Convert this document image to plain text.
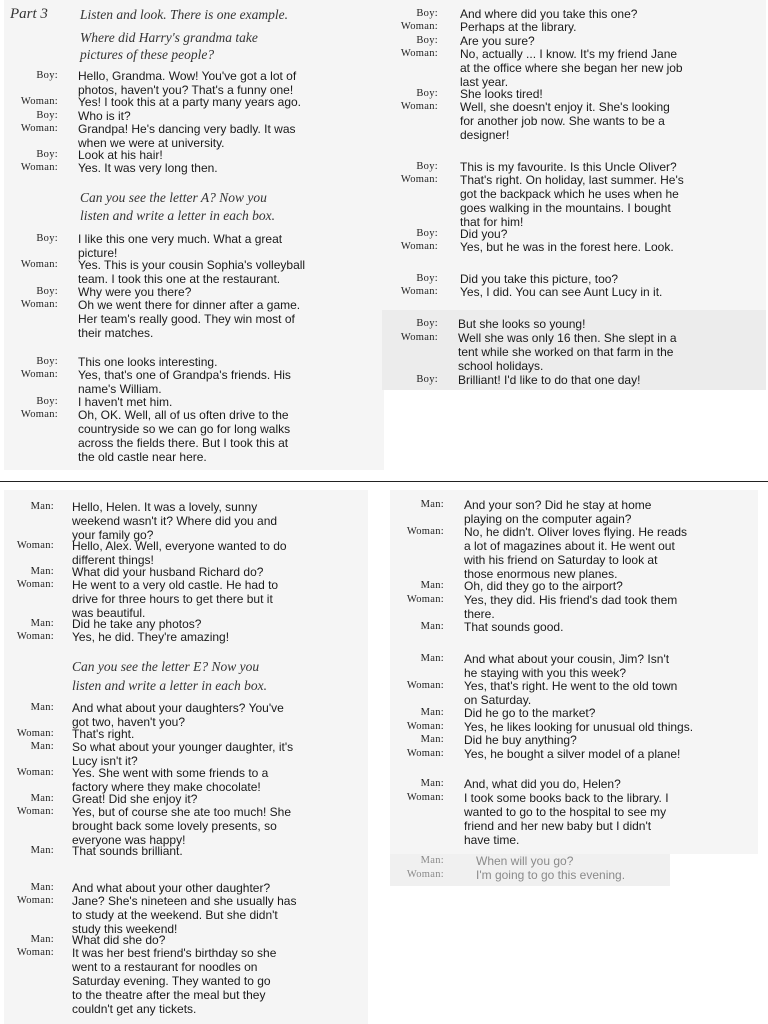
Part 3 Listen and look. There is one example.
Where did Harry's grandma take
pictures of these people?
Boy: Hello, Grandma. Wow! You've got a lot of
photos, haven't you? That's a funny one!
Woman: Yes! I took this at a party many years ago.
Boy: Who is it?
Woman: Grandpa! He's dancing very badly. It was
when we were at university.
Boy: Look at his hair!
Woman: Yes. It was very long then.
Can you see the letter A? Now you
listen and write a letter in each box.
Boy: I like this one very much. What a great
picture!
Woman: Yes. This is your cousin Sophia's volleyball
team. I took this one at the restaurant.
Boy: Why were you there?
Woman: Oh we went there for dinner after a game.
Her team's really good. They win most of
their matches.
Boy: This one looks interesting.
Woman: Yes, that's one of Grandpa's friends. His
name's William.
Boy: I haven't met him.
Woman: Oh, OK. Well, all of us often drive to the
countryside so we can go for long walks
across the fields there. But I took this at
the old castle near here.
Boy: And where did you take this one?
Woman: Perhaps at the library.
Boy: Are you sure?
Woman: No, actually ... I know. It's my friend Jane
at the office where she began her new job
last year.
Boy: She looks tired!
Woman: Well, she doesn't enjoy it. She's looking
for another job now. She wants to be a
designer!
Boy: This is my favourite. Is this Uncle Oliver?
Woman: That's right. On holiday, last summer. He's
got the backpack which he uses when he
goes walking in the mountains. I bought
that for him!
Boy: Did you?
Woman: Yes, but he was in the forest here. Look.
Boy: Did you take this picture, too?
Woman: Yes, I did. You can see Aunt Lucy in it.
Boy: But she looks so young!
Woman: Well she was only 16 then. She slept in a
tent while she worked on that farm in the
school holidays.
Boy: Brilliant! I'd like to do that one day!
Man: Hello, Helen. It was a lovely, sunny
weekend wasn't it? Where did you and
your family go?
Woman: Hello, Alex. Well, everyone wanted to do
different things!
Man: What did your husband Richard do?
Woman: He went to a very old castle. He had to
drive for three hours to get there but it
was beautiful.
Man: Did he take any photos?
Woman: Yes, he did. They're amazing!
Can you see the letter E? Now you
listen and write a letter in each box.
Man: And what about your daughters? You've
got two, haven't you?
Woman: That's right.
Man: So what about your younger daughter, it's
Lucy isn't it?
Woman: Yes. She went with some friends to a
factory where they make chocolate!
Man: Great! Did she enjoy it?
Woman: Yes, but of course she ate too much! She
brought back some lovely presents, so
everyone was happy!
Man: That sounds brilliant.
Man: And what about your other daughter?
Woman: Jane? She's nineteen and she usually has
to study at the weekend. But she didn't
study this weekend!
Man: What did she do?
Woman: It was her best friend's birthday so she
went to a restaurant for noodles on
Saturday evening. They wanted to go
to the theatre after the meal but they
couldn't get any tickets.
Man: And your son? Did he stay at home
playing on the computer again?
Woman: No, he didn't. Oliver loves flying. He reads
a lot of magazines about it. He went out
with his friend on Saturday to look at
those enormous new planes.
Man: Oh, did they go to the airport?
Woman: Yes, they did. His friend's dad took them
there.
Man: That sounds good.
Man: And what about your cousin, Jim? Isn't
he staying with you this week?
Woman: Yes, that's right. He went to the old town
on Saturday.
Man: Did he go to the market?
Woman: Yes, he likes looking for unusual old things.
Man: Did he buy anything?
Woman: Yes, he bought a silver model of a plane!
Man: And, what did you do, Helen?
Woman: I took some books back to the library. I
wanted to go to the hospital to see my
friend and her new baby but I didn't
have time.
Man:	When will you go?
Woman:	I'm going to go this evening.
